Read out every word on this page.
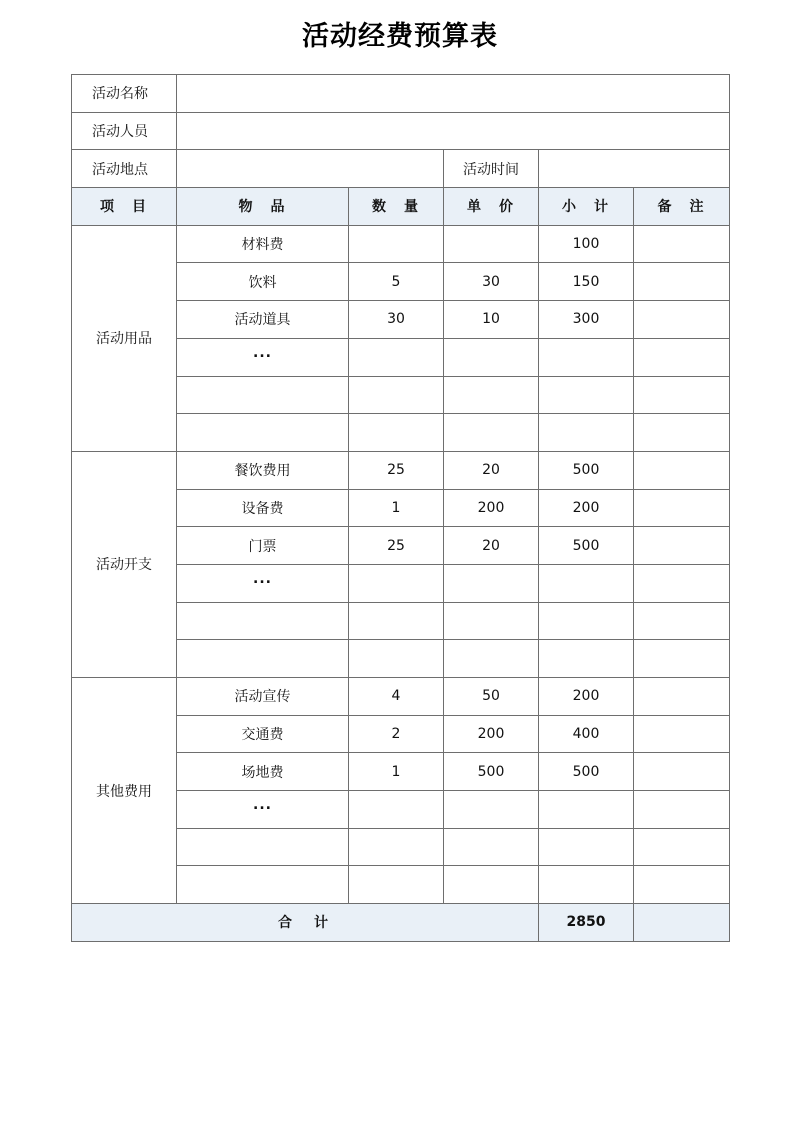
活动经费预算表
活动名称					
活动人员					
活动地点			活动时间		
项　目	物　品	数　量	单　价	小　计	备　注
活动用品	材料费			100	
	饮料	5	30	150	
	活动道具	30	10	300	
	...				

活动开支	餐饮费用	25	20	500	
	设备费	1	200	200	
	门票	25	20	500	
	...				

其他费用	活动宣传	4	50	200	
	交通费	2	200	400	
	场地费	1	500	500	
	...				

合　计				2850	
